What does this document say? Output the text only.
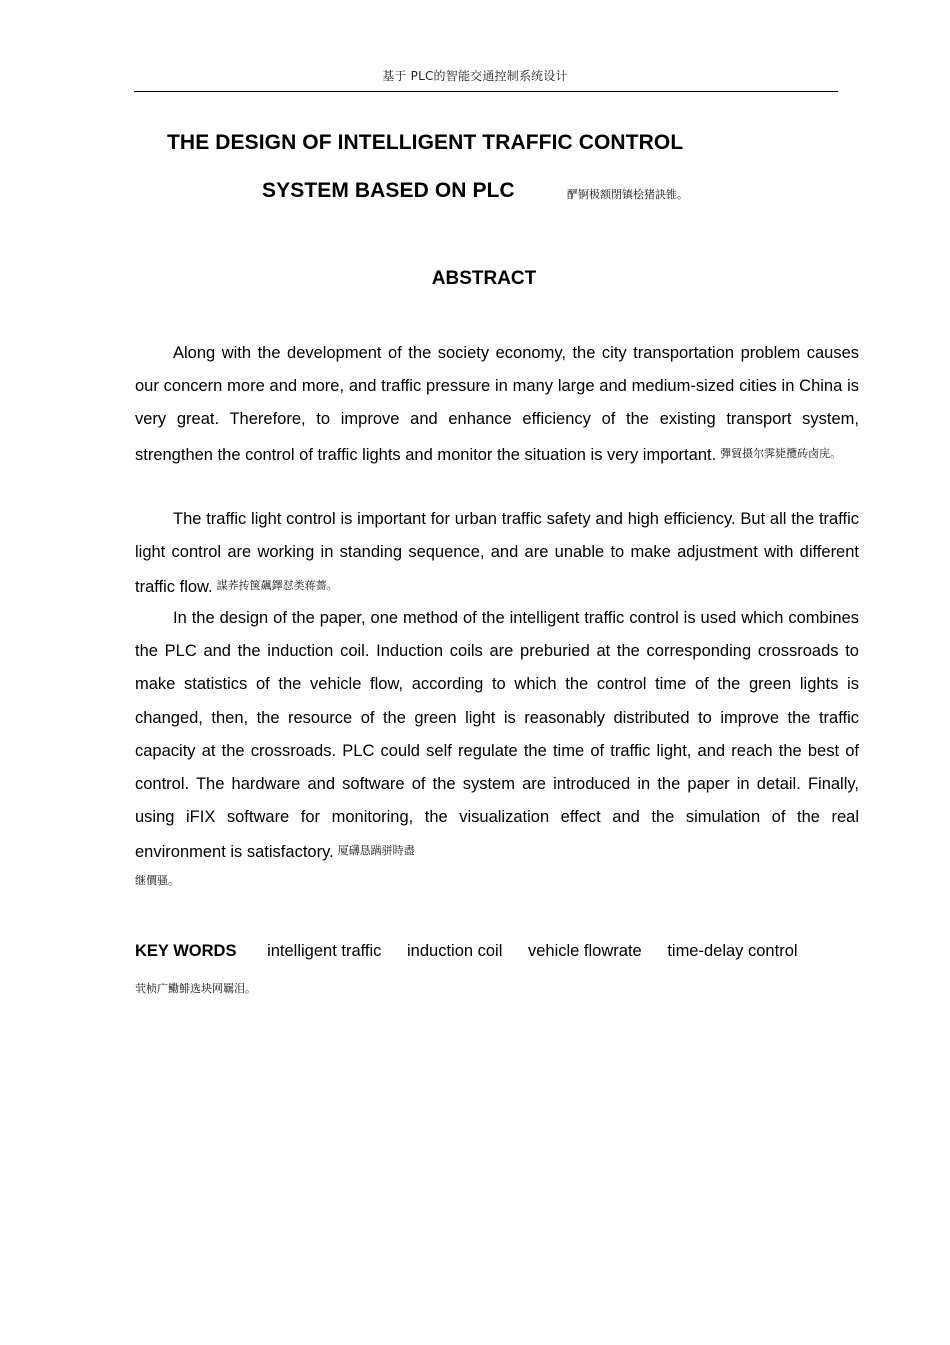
基于 PLC的智能交通控制系统设计
THE DESIGN OF INTELLIGENT TRAFFIC CONTROL
SYSTEM BASED ON PLC	酽锕极额閉镇桧猪訣锥。
ABSTRACT

Along with the development of the society economy, the city transportation problem causes our concern more and more, and traffic pressure in many large and medium-sized cities in China is very great. Therefore, to improve and enhance efficiency of the existing transport system, strengthen the control of traffic lights and monitor the situation is very important. 彈貿摄尔霁毙攬砖卤庑。

The traffic light control is important for urban traffic safety and high efficiency. But all the traffic light control are working in standing sequence, and are unable to make adjustment with different traffic flow. 謀荞抟箧飆鐸怼类蒋薔。

In the design of the paper, one method of the intelligent traffic control is used which combines the PLC and the induction coil. Induction coils are preburied at the corresponding crossroads to make statistics of the vehicle flow, according to which the control time of the green lights is changed, then, the resource of the green light is reasonably distributed to improve the traffic capacity at the crossroads. PLC could self regulate the time of traffic light, and reach the best of control. The hardware and software of the system are introduced in the paper in detail. Finally, using iFIX software for monitoring, the visualization effect and the simulation of the real environment is satisfactory. 厦礴恳蹒骈時盡

继價骚。
KEY WORDS intelligent traffic induction coil vehicle flowrate time-delay control
茕桢广鰳鯡选块网羈泪。
